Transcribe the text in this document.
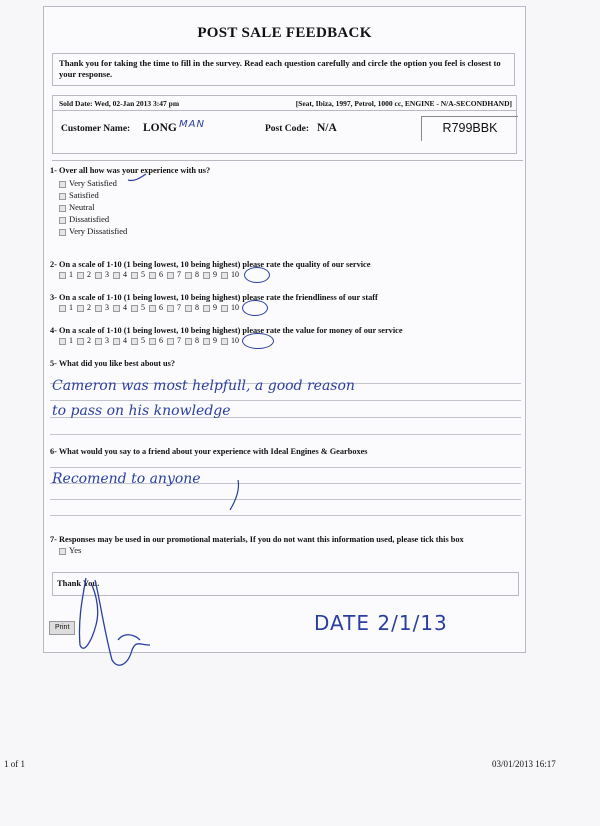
POST SALE FEEDBACK
Thank you for taking the time to fill in the survey. Read each question carefully and circle the option you feel is closest to your response.
Sold Date: Wed, 02-Jan 2013 3:47 pm	[Seat, Ibiza, 1997, Petrol, 1000 cc, ENGINE - N/A-SECONDHAND]
Customer Name: LONG MAN	Post Code: N/A	R799BBK
1- Over all how was your experience with us?
Very Satisfied
Satisfied
Neutral
Dissatisfied
Very Dissatisfied
2- On a scale of 1-10 (1 being lowest, 10 being highest) please rate the quality of our service
1 2 3 4 5 6 7 8 9 10
3- On a scale of 1-10 (1 being lowest, 10 being highest) please rate the friendliness of our staff
1 2 3 4 5 6 7 8 9 10
4- On a scale of 1-10 (1 being lowest, 10 being highest) please rate the value for money of our service
1 2 3 4 5 6 7 8 9 10
5- What did you like best about us?
Cameron was most helpfull, a good reason
to pass on his knowledge
6- What would you say to a friend about your experience with Ideal Engines & Gearboxes
Recomend to anyone
7- Responses may be used in our promotional materials, If you do not want this information used, please tick this box
Yes
Thank You.
Print	DATE 2/1/13
1 of 1	03/01/2013 16:17
